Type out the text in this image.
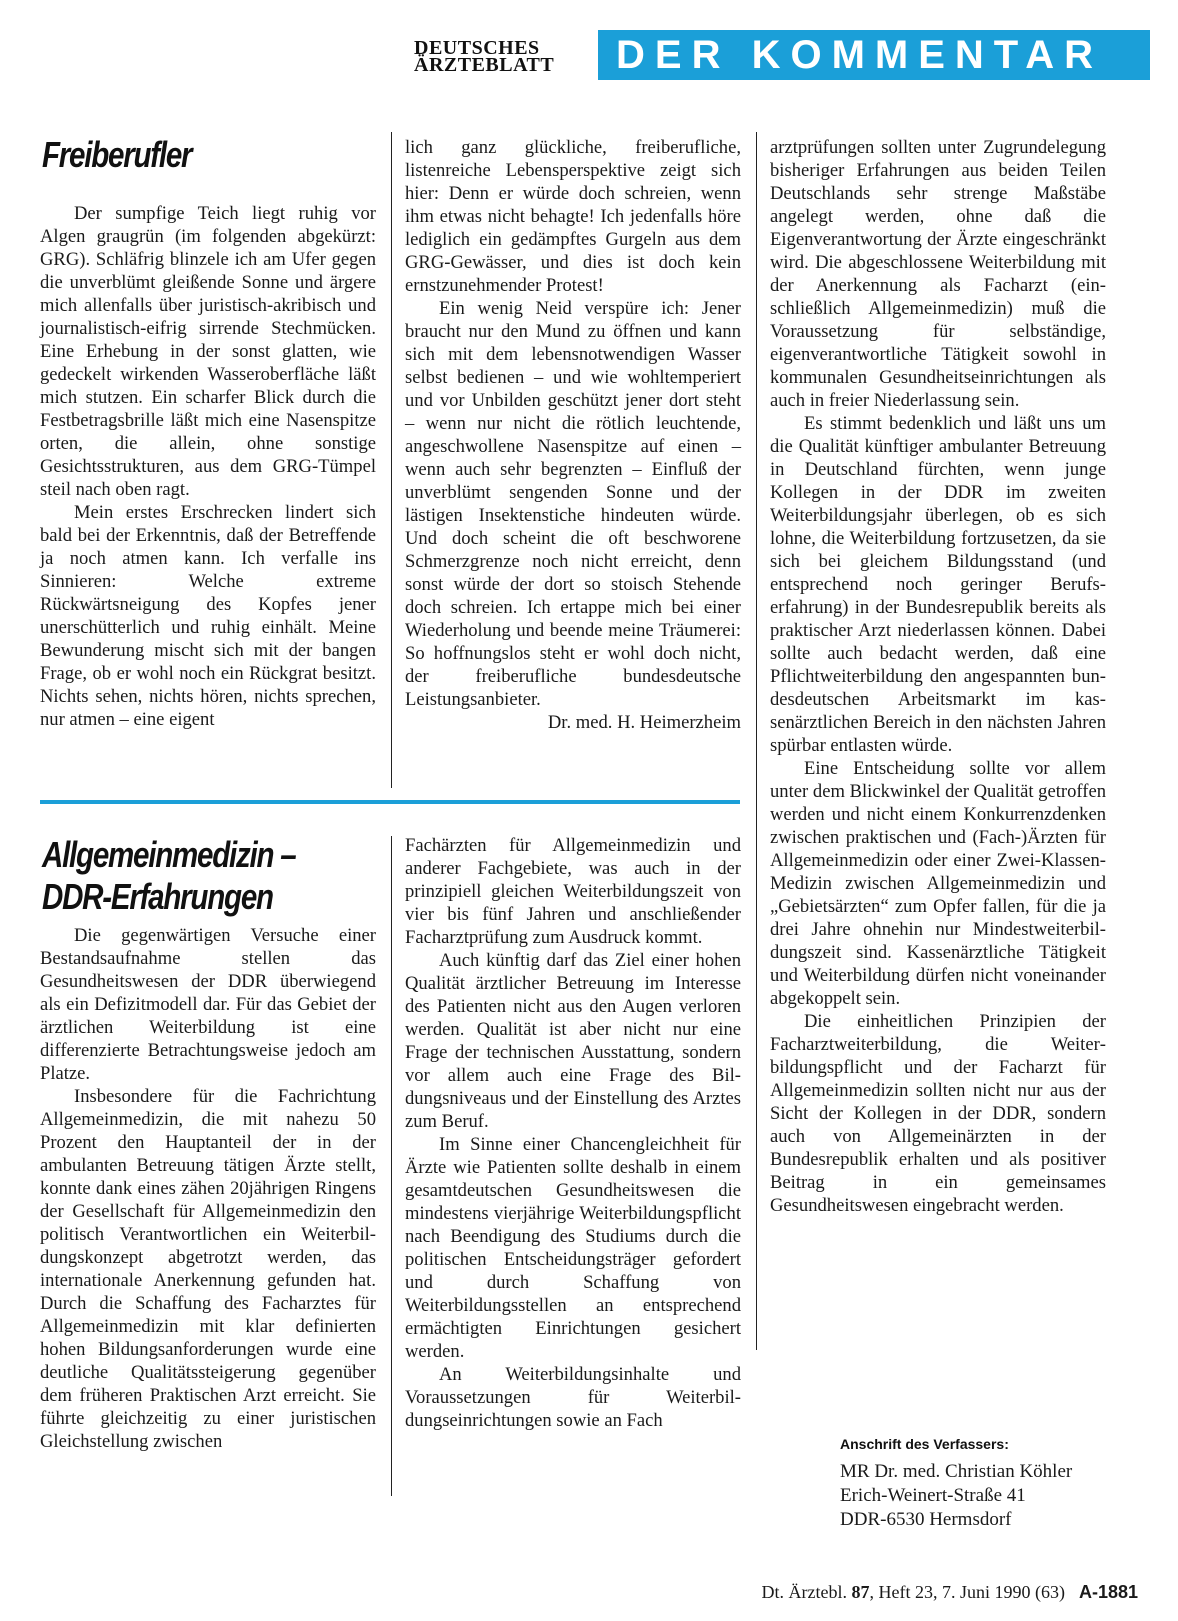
DEUTSCHES
ÄRZTEBLATT	DER KOMMENTAR
Freiberufler

Der sumpfige Teich liegt ruhig vor Algen graugrün (im folgenden abgekürzt: GRG). Schläfrig blinzele ich am Ufer gegen die unverblümt gleißende Sonne und ärgere mich allenfalls über juristisch-akribisch und journalistisch-eifrig sirrende Stechmücken. Eine Erhebung in der sonst glatten, wie gedeckelt wirkenden Wasseroberfläche läßt mich stutzen. Ein scharfer Blick durch die Festbetragsbrille läßt mich eine Nasenspitze orten, die allein, ohne sonstige Gesichtsstrukturen, aus dem GRG-Tümpel steil nach oben ragt.

Mein erstes Erschrecken lindert sich bald bei der Erkenntnis, daß der Betreffende ja noch atmen kann. Ich verfalle ins Sinnieren: Welche extreme Rückwärtsneigung des Kopfes jener unerschütterlich und ruhig einhält. Meine Bewunderung mischt sich mit der bangen Frage, ob er wohl noch ein Rückgrat besitzt. Nichts sehen, nichts hören, nichts sprechen, nur atmen – eine eigent

lich ganz glückliche, freiberufliche, listenreiche Lebensperspektive zeigt sich hier: Denn er würde doch schreien, wenn ihm etwas nicht behagte! Ich jedenfalls höre lediglich ein gedämpftes Gurgeln aus dem GRG-Gewässer, und dies ist doch kein ernstzunehmender Protest!

Ein wenig Neid verspüre ich: Jener braucht nur den Mund zu öffnen und kann sich mit dem lebensnotwendigen Wasser selbst bedienen – und wie wohltemperiert und vor Unbilden geschützt jener dort steht – wenn nur nicht die rötlich leuchtende, angeschwollene Nasenspitze auf einen – wenn auch sehr begrenzten – Einfluß der unverblümt sengenden Sonne und der lästigen Insektenstiche hindeuten würde. Und doch scheint die oft beschworene Schmerzgrenze noch nicht erreicht, denn sonst würde der dort so stoisch Stehende doch schreien. Ich ertappe mich bei einer Wiederholung und beende meine Träumerei: So hoffnungslos steht er wohl doch nicht, der freiberufliche bundesdeutsche Leistungsanbieter.

Dr. med. H. Heimerzheim

Allgemeinmedizin –
DDR-Erfahrungen

Die gegenwärtigen Versuche einer Bestandsaufnahme stellen das Gesundheitswesen der DDR überwiegend als ein Defizitmodell dar. Für das Gebiet der ärztlichen Weiterbildung ist eine differenzierte Betrachtungsweise jedoch am Platze.

Insbesondere für die Fachrichtung Allgemeinmedizin, die mit nahezu 50 Prozent den Hauptanteil der in der ambulanten Betreuung tätigen Ärzte stellt, konnte dank eines zähen 20jährigen Ringens der Gesellschaft für Allgemeinmedizin den politisch Verantwortlichen ein Weiterbildungskonzept abgetrotzt werden, das internationale Anerkennung gefunden hat. Durch die Schaffung des Facharztes für Allgemeinmedizin mit klar definierten hohen Bildungsanforderungen wurde eine deutliche Qualitätssteigerung gegenüber dem früheren Praktischen Arzt erreicht. Sie führte gleichzeitig zu einer juristischen Gleichstellung zwischen

Fachärzten für Allgemeinmedizin und anderer Fachgebiete, was auch in der prinzipiell gleichen Weiterbildungszeit von vier bis fünf Jahren und anschließender Facharztprüfung zum Ausdruck kommt.

Auch künftig darf das Ziel einer hohen Qualität ärztlicher Betreuung im Interesse des Patienten nicht aus den Augen verloren werden. Qualität ist aber nicht nur eine Frage der technischen Ausstattung, sondern vor allem auch eine Frage des Bildungsniveaus und der Einstellung des Arztes zum Beruf.

Im Sinne einer Chancengleichheit für Ärzte wie Patienten sollte deshalb in einem gesamtdeutschen Gesundheitswesen die mindestens vierjährige Weiterbildungspflicht nach Beendigung des Studiums durch die politischen Entscheidungsträger gefordert und durch Schaffung von Weiterbildungsstellen an entsprechend ermächtigten Einrichtungen gesichert werden.

An Weiterbildungsinhalte und Voraussetzungen für Weiterbildungseinrichtungen sowie an Fach

arztprüfungen sollten unter Zugrundelegung bisheriger Erfahrungen aus beiden Teilen Deutschlands sehr strenge Maßstäbe angelegt werden, ohne daß die Eigenverantwortung der Ärzte eingeschränkt wird. Die abgeschlossene Weiterbildung mit der Anerkennung als Facharzt (einschließlich Allgemeinmedizin) muß die Voraussetzung für selbständige, eigenverantwortliche Tätigkeit sowohl in kommunalen Gesundheitseinrichtungen als auch in freier Niederlassung sein.

Es stimmt bedenklich und läßt uns um die Qualität künftiger ambulanter Betreuung in Deutschland fürchten, wenn junge Kollegen in der DDR im zweiten Weiterbildungsjahr überlegen, ob es sich lohne, die Weiterbildung fortzusetzen, da sie sich bei gleichem Bildungsstand (und entsprechend noch geringer Berufserfahrung) in der Bundesrepublik bereits als praktischer Arzt niederlassen können. Dabei sollte auch bedacht werden, daß eine Pflichtweiterbildung den angespannten bundesdeutschen Arbeitsmarkt im kassenärztlichen Bereich in den nächsten Jahren spürbar entlasten würde.

Eine Entscheidung sollte vor allem unter dem Blickwinkel der Qualität getroffen werden und nicht einem Konkurrenzdenken zwischen praktischen und (Fach-)Ärzten für Allgemeinmedizin oder einer Zwei-Klassen-Medizin zwischen Allgemeinmedizin und „Gebietsärzten“ zum Opfer fallen, für die ja drei Jahre ohnehin nur Mindestweiterbildungszeit sind. Kassenärztliche Tätigkeit und Weiterbildung dürfen nicht voneinander abgekoppelt sein.

Die einheitlichen Prinzipien der Facharztweiterbildung, die Weiterbildungspflicht und der Facharzt für Allgemeinmedizin sollten nicht nur aus der Sicht der Kollegen in der DDR, sondern auch von Allgemeinärzten in der Bundesrepublik erhalten und als positiver Beitrag in ein gemeinsames Gesundheitswesen eingebracht werden.

Anschrift des Verfassers:
MR Dr. med. Christian Köhler
Erich-Weinert-Straße 41
DDR-6530 Hermsdorf
Dt. Ärztebl. 87, Heft 23, 7. Juni 1990 (63) A-1881
